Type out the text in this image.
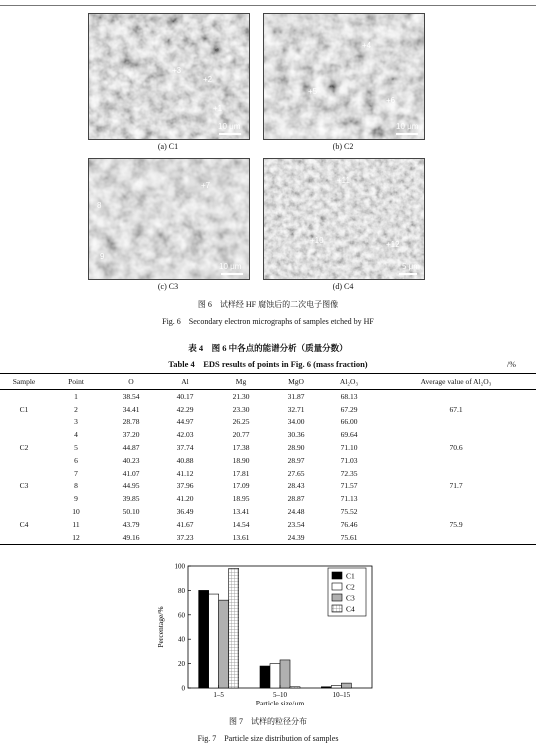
+3
+2
+1
10 μm
(a) C1
+4
+5
+6
10 μm
(b) C2
+7
8
9
10 μm
(c) C3
+11
+10	+12
5 μm
(d) C4
图 6　试样经 HF 腐蚀后的二次电子图像
Fig. 6　Secondary electron micrographs of samples etched by HF
表 4　图 6 中各点的能谱分析（质量分数）
Table 4　EDS results of points in Fig. 6 (mass fraction)	/%
Sample	Point	O	Al	Mg	MgO	Al₂O₃	Average value of Al₂O₃
	1	38.54	40.17	21.30	31.87	68.13	
C1	2	34.41	42.29	23.30	32.71	67.29	67.1
	3	28.78	44.97	26.25	34.00	66.00	
	4	37.20	42.03	20.77	30.36	69.64	
C2	5	44.87	37.74	17.38	28.90	71.10	70.6
	6	40.23	40.88	18.90	28.97	71.03	
	7	41.07	41.12	17.81	27.65	72.35	
C3	8	44.95	37.96	17.09	28.43	71.57	71.7
	9	39.85	41.20	18.95	28.87	71.13	
	10	50.10	36.49	13.41	24.48	75.52	
C4	11	43.79	41.67	14.54	23.54	76.46	75.9
	12	49.16	37.23	13.61	24.39	75.61	
0
20
40
60
80
100
1–5	5–10	10–15
Particle size/μm
Percentage/%
C1
C2
C3
C4
图 7　试样的粒径分布
Fig. 7　Particle size distribution of samples
